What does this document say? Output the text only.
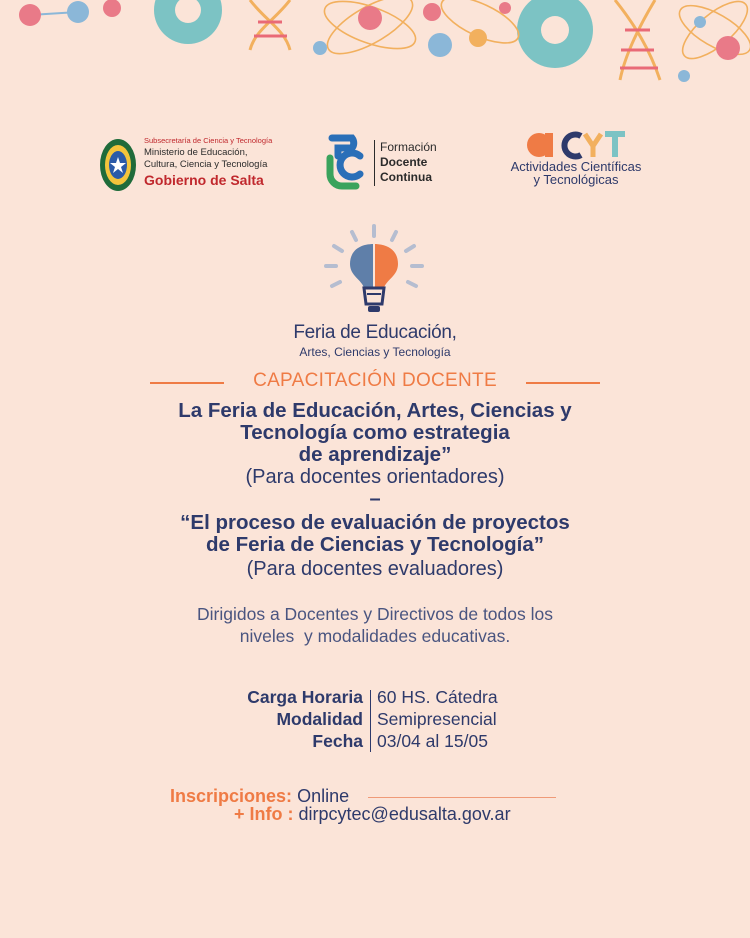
Subsecretaría de Ciencia y Tecnología
Ministerio de Educación,
Cultura, Ciencia y Tecnología
Gobierno de Salta
Formación
Docente
Continua
Actividades Científicas
y Tecnológicas
Feria de Educación,
Artes, Ciencias y Tecnología
CAPACITACIÓN DOCENTE
La Feria de Educación, Artes, Ciencias y
Tecnología como estrategia
de aprendizaje”
(Para docentes orientadores)
–
“El proceso de evaluación de proyectos
de Feria de Ciencias y Tecnología”
(Para docentes evaluadores)
Dirigidos a Docentes y Directivos de todos los
niveles  y modalidades educativas.
Carga Horaria
Modalidad
Fecha
60 HS. Cátedra
Semipresencial
03/04 al 15/05
Inscripciones: Online
+ Info : dirpcytec@edusalta.gov.ar
